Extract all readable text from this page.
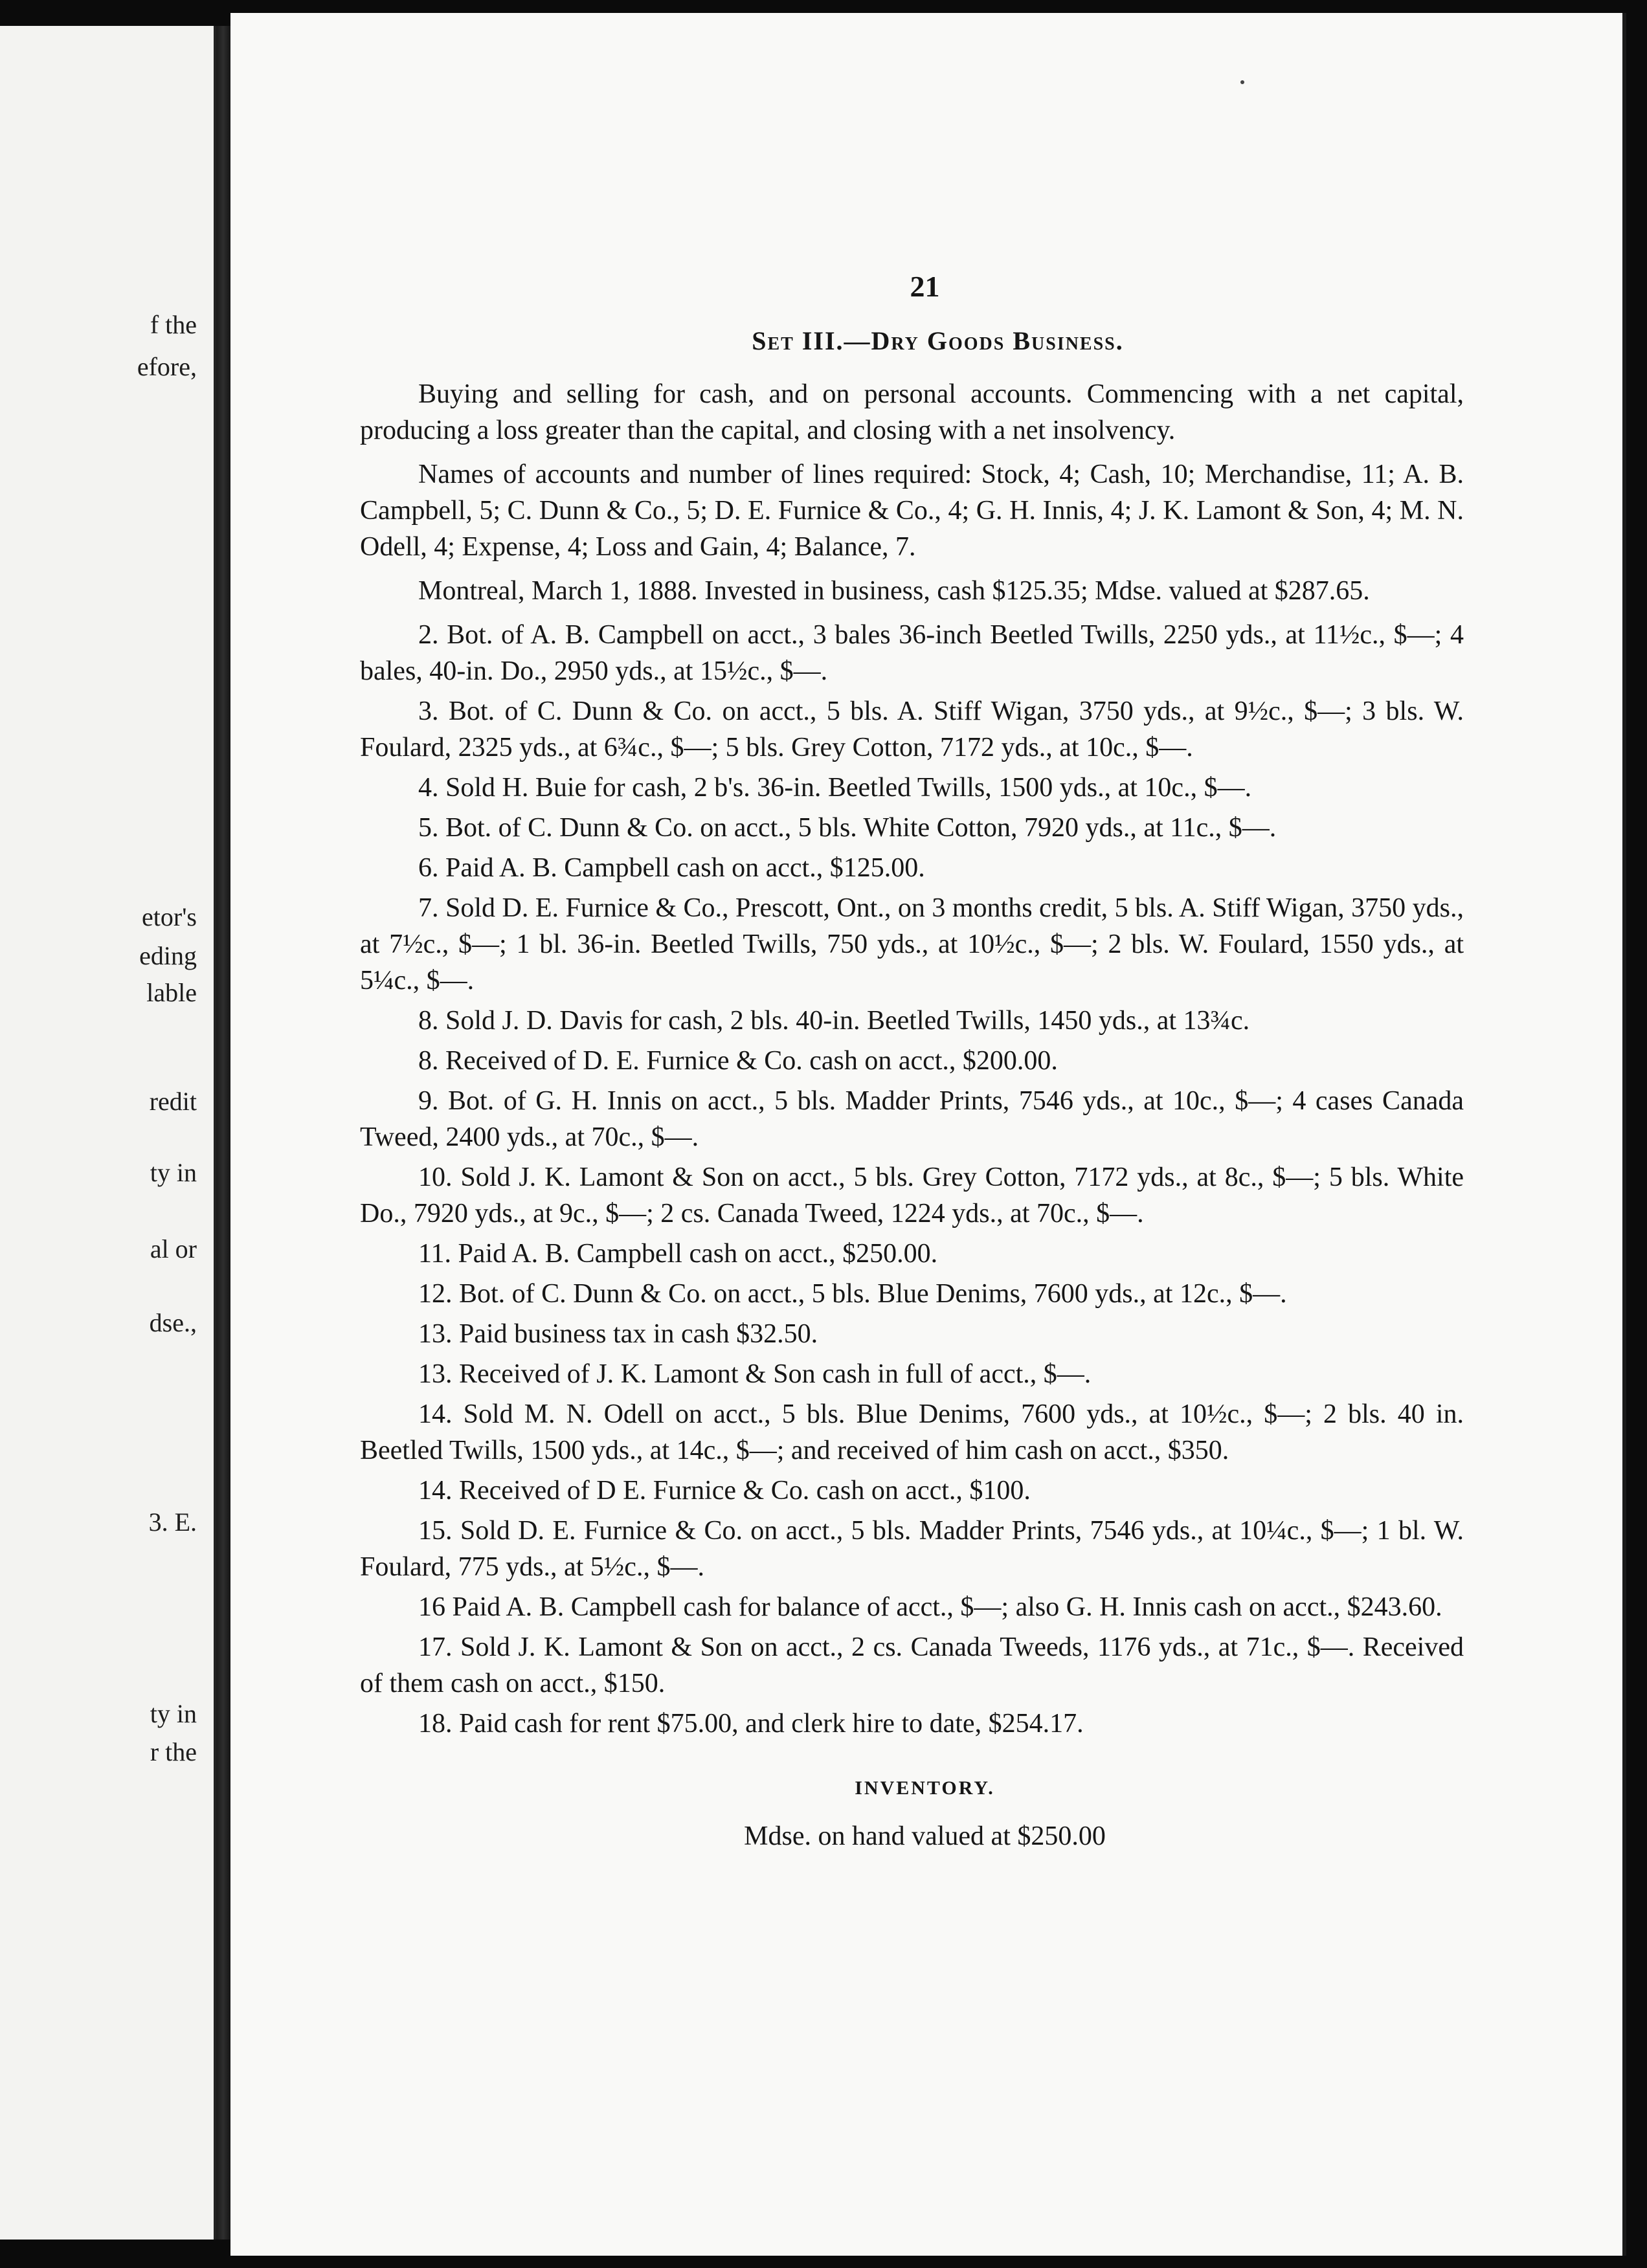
f the
efore,
etor's
eding
lable
redit
ty in
al or
dse.,
3. E.
ty in
r the
21
Set III.—Dry Goods Business.

Buying and selling for cash, and on personal accounts. Commencing with a net capital, producing a loss greater than the capital, and closing with a net insolvency.

Names of accounts and number of lines required: Stock, 4; Cash, 10; Merchandise, 11; A. B. Campbell, 5; C. Dunn & Co., 5; D. E. Furnice & Co., 4; G. H. Innis, 4; J. K. Lamont & Son, 4; M. N. Odell, 4; Expense, 4; Loss and Gain, 4; Balance, 7.

Montreal, March 1, 1888. Invested in business, cash $125.35; Mdse. valued at $287.65.

2. Bot. of A. B. Campbell on acct., 3 bales 36-inch Beetled Twills, 2250 yds., at 11½c., $—; 4 bales, 40-in. Do., 2950 yds., at 15½c., $—.

3. Bot. of C. Dunn & Co. on acct., 5 bls. A. Stiff Wigan, 3750 yds., at 9½c., $—; 3 bls. W. Foulard, 2325 yds., at 6¾c., $—; 5 bls. Grey Cotton, 7172 yds., at 10c., $—.

4. Sold H. Buie for cash, 2 b's. 36-in. Beetled Twills, 1500 yds., at 10c., $—.

5. Bot. of C. Dunn & Co. on acct., 5 bls. White Cotton, 7920 yds., at 11c., $—.

6. Paid A. B. Campbell cash on acct., $125.00.

7. Sold D. E. Furnice & Co., Prescott, Ont., on 3 months credit, 5 bls. A. Stiff Wigan, 3750 yds., at 7½c., $—; 1 bl. 36-in. Beetled Twills, 750 yds., at 10½c., $—; 2 bls. W. Foulard, 1550 yds., at 5¼c., $—.

8. Sold J. D. Davis for cash, 2 bls. 40-in. Beetled Twills, 1450 yds., at 13¾c.

8. Received of D. E. Furnice & Co. cash on acct., $200.00.

9. Bot. of G. H. Innis on acct., 5 bls. Madder Prints, 7546 yds., at 10c., $—; 4 cases Canada Tweed, 2400 yds., at 70c., $—.

10. Sold J. K. Lamont & Son on acct., 5 bls. Grey Cotton, 7172 yds., at 8c., $—; 5 bls. White Do., 7920 yds., at 9c., $—; 2 cs. Canada Tweed, 1224 yds., at 70c., $—.

11. Paid A. B. Campbell cash on acct., $250.00.

12. Bot. of C. Dunn & Co. on acct., 5 bls. Blue Denims, 7600 yds., at 12c., $—.

13. Paid business tax in cash $32.50.

13. Received of J. K. Lamont & Son cash in full of acct., $—.

14. Sold M. N. Odell on acct., 5 bls. Blue Denims, 7600 yds., at 10½c., $—; 2 bls. 40 in. Beetled Twills, 1500 yds., at 14c., $—; and received of him cash on acct., $350.

14. Received of D E. Furnice & Co. cash on acct., $100.

15. Sold D. E. Furnice & Co. on acct., 5 bls. Madder Prints, 7546 yds., at 10¼c., $—; 1 bl. W. Foulard, 775 yds., at 5½c., $—.

16 Paid A. B. Campbell cash for balance of acct., $—; also G. H. Innis cash on acct., $243.60.

17. Sold J. K. Lamont & Son on acct., 2 cs. Canada Tweeds, 1176 yds., at 71c., $—. Received of them cash on acct., $150.

18. Paid cash for rent $75.00, and clerk hire to date, $254.17.

INVENTORY.
Mdse. on hand valued at $250.00
